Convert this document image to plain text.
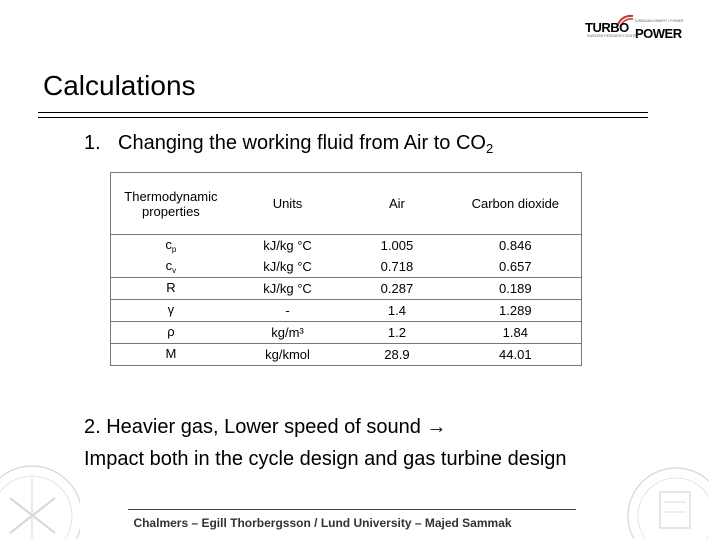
TURBO POWER
TURBOMACHINERY • POWER
SWEDISH RESEARCH CENTRE
Calculations
1. Changing the working fluid from Air to $CO_2$
Thermodynamic properties	Units	Air	Carbon dioxide
$c_p$	kJ/kg °C	1.005	0.846
$c_v$	kJ/kg °C	0.718	0.657
R	kJ/kg °C	0.287	0.189
γ	-	1.4	1.289
ρ	kg/m³	1.2	1.84
M	kg/kmol	28.9	44.01
2. Heavier gas, Lower speed of sound →
Impact both in the cycle design and gas turbine design
Chalmers – Egill Thorbergsson / Lund University – Majed Sammak
